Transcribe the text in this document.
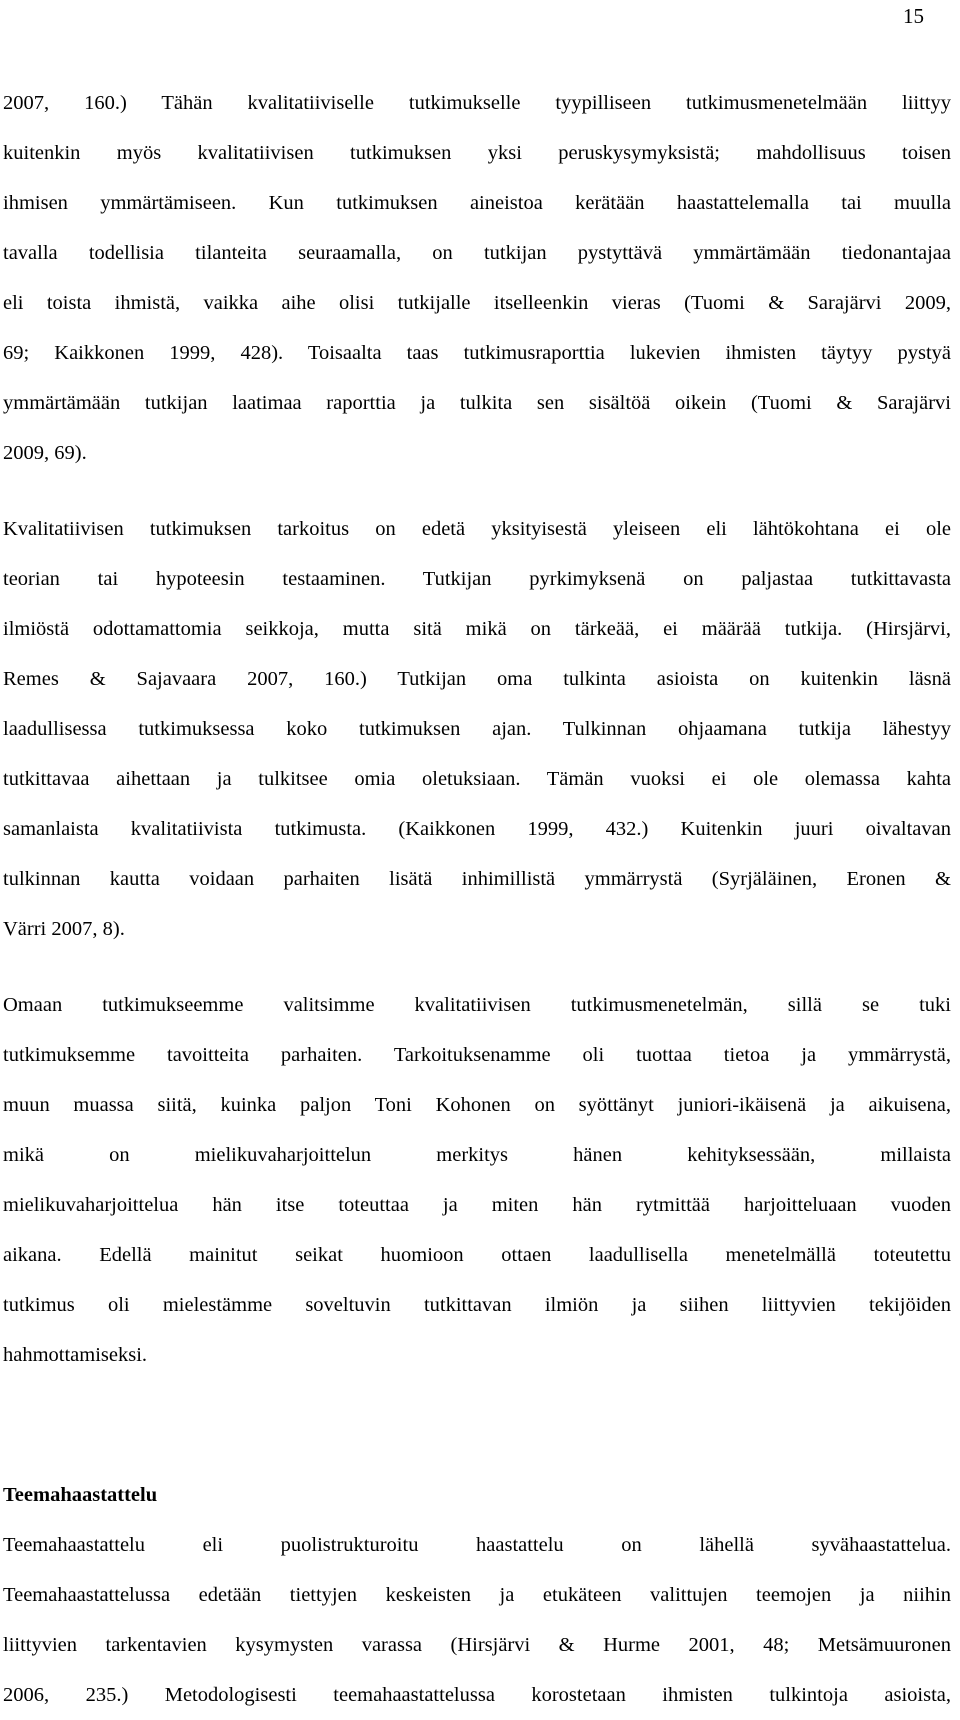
15
2007, 160.) Tähän kvalitatiiviselle tutkimukselle tyypilliseen tutkimusmenetelmään liittyy
kuitenkin myös kvalitatiivisen tutkimuksen yksi peruskysymyksistä; mahdollisuus toisen
ihmisen ymmärtämiseen. Kun tutkimuksen aineistoa kerätään haastattelemalla tai muulla
tavalla todellisia tilanteita seuraamalla, on tutkijan pystyttävä ymmärtämään tiedonantajaa
eli toista ihmistä, vaikka aihe olisi tutkijalle itselleenkin vieras (Tuomi & Sarajärvi 2009,
69; Kaikkonen 1999, 428). Toisaalta taas tutkimusraporttia lukevien ihmisten täytyy pystyä
ymmärtämään tutkijan laatimaa raporttia ja tulkita sen sisältöä oikein (Tuomi & Sarajärvi
2009, 69).
Kvalitatiivisen tutkimuksen tarkoitus on edetä yksityisestä yleiseen eli lähtökohtana ei ole
teorian tai hypoteesin testaaminen. Tutkijan pyrkimyksenä on paljastaa tutkittavasta
ilmiöstä odottamattomia seikkoja, mutta sitä mikä on tärkeää, ei määrää tutkija. (Hirsjärvi,
Remes & Sajavaara 2007, 160.) Tutkijan oma tulkinta asioista on kuitenkin läsnä
laadullisessa tutkimuksessa koko tutkimuksen ajan. Tulkinnan ohjaamana tutkija lähestyy
tutkittavaa aihettaan ja tulkitsee omia oletuksiaan. Tämän vuoksi ei ole olemassa kahta
samanlaista kvalitatiivista tutkimusta. (Kaikkonen 1999, 432.) Kuitenkin juuri oivaltavan
tulkinnan kautta voidaan parhaiten lisätä inhimillistä ymmärrystä (Syrjäläinen, Eronen &
Värri 2007, 8).
Omaan tutkimukseemme valitsimme kvalitatiivisen tutkimusmenetelmän, sillä se tuki
tutkimuksemme tavoitteita parhaiten. Tarkoituksenamme oli tuottaa tietoa ja ymmärrystä,
muun muassa siitä, kuinka paljon Toni Kohonen on syöttänyt juniori-ikäisenä ja aikuisena,
mikä on mielikuvaharjoittelun merkitys hänen kehityksessään, millaista
mielikuvaharjoittelua hän itse toteuttaa ja miten hän rytmittää harjoitteluaan vuoden
aikana. Edellä mainitut seikat huomioon ottaen laadullisella menetelmällä toteutettu
tutkimus oli mielestämme soveltuvin tutkittavan ilmiön ja siihen liittyvien tekijöiden
hahmottamiseksi.
Teemahaastattelu
Teemahaastattelu eli puolistrukturoitu haastattelu on lähellä syvähaastattelua.
Teemahaastattelussa edetään tiettyjen keskeisten ja etukäteen valittujen teemojen ja niihin
liittyvien tarkentavien kysymysten varassa (Hirsjärvi & Hurme 2001, 48; Metsämuuronen
2006, 235.) Metodologisesti teemahaastattelussa korostetaan ihmisten tulkintoja asioista,
